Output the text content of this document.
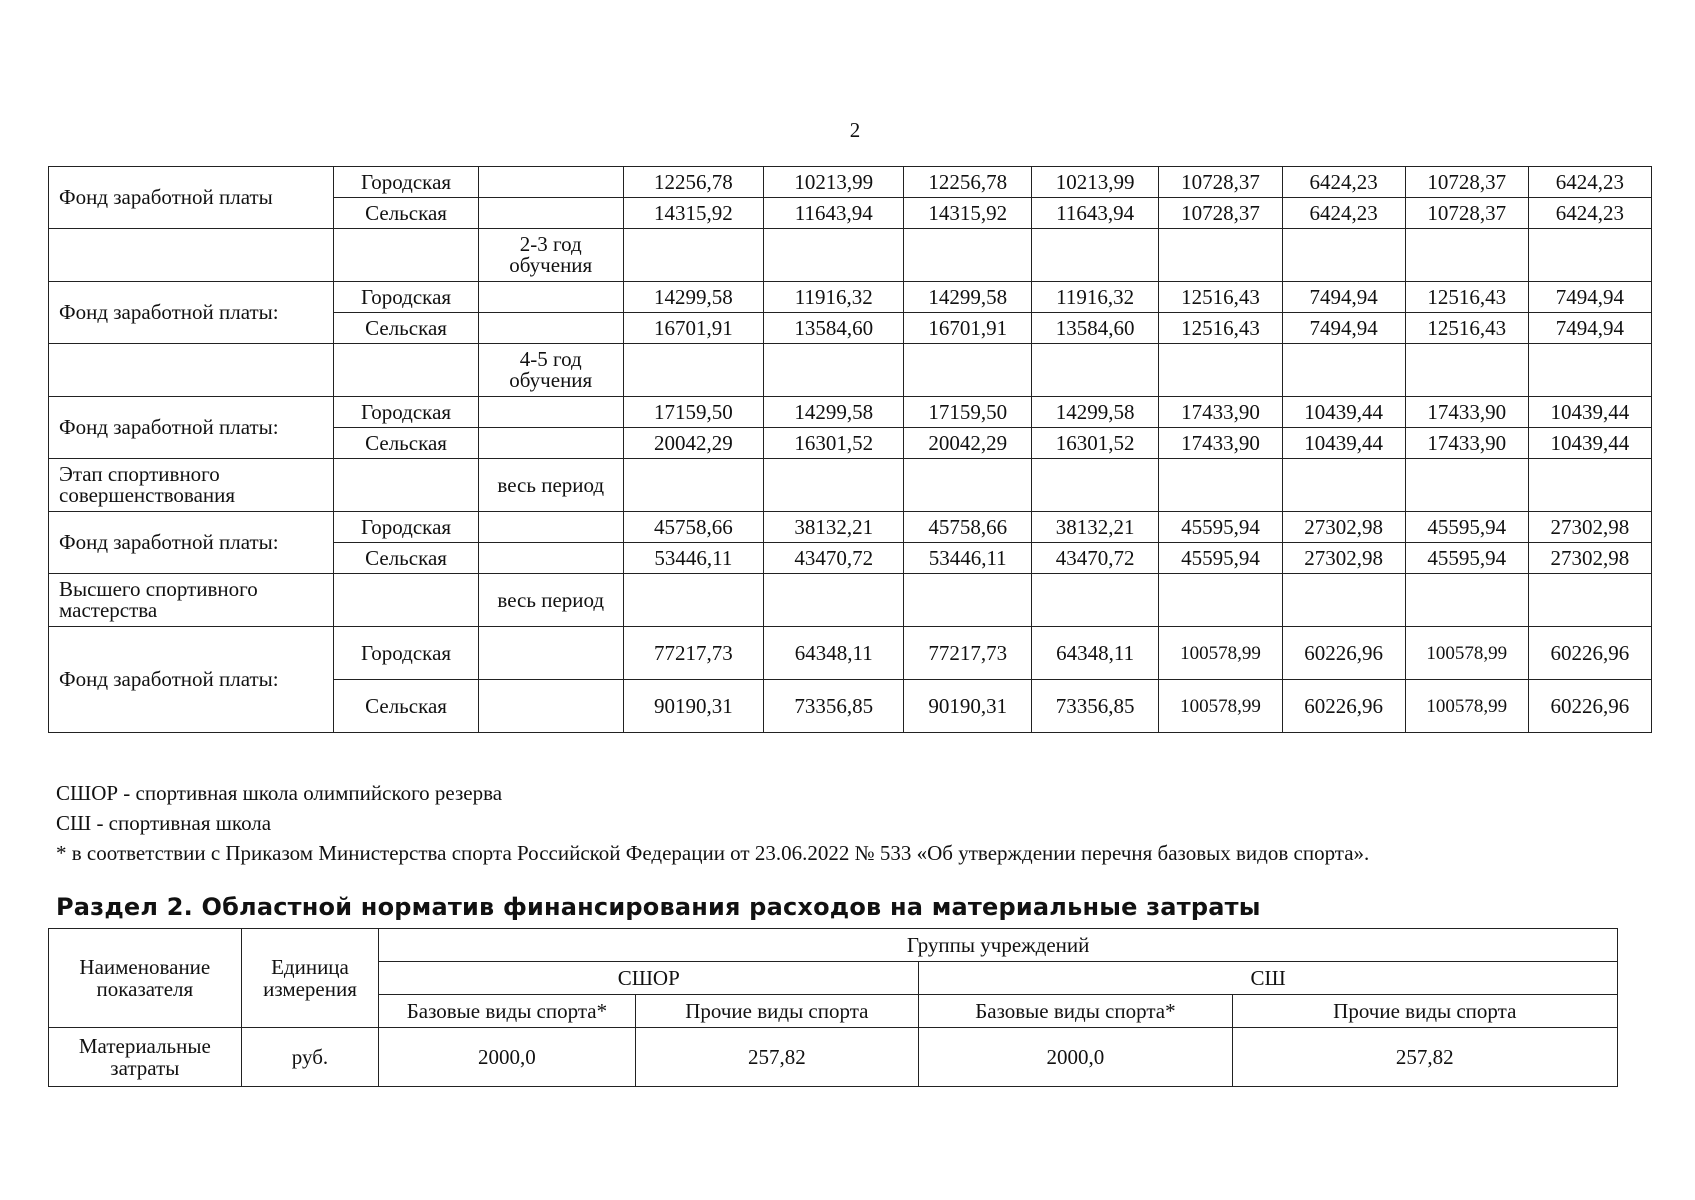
2
Фонд заработной платы	Городская		12256,78	10213,99	12256,78	10213,99	10728,37	6424,23	10728,37	6424,23
	Сельская		14315,92	11643,94	14315,92	11643,94	10728,37	6424,23	10728,37	6424,23
		2-3 год обучения								
Фонд заработной платы:	Городская		14299,58	11916,32	14299,58	11916,32	12516,43	7494,94	12516,43	7494,94
	Сельская		16701,91	13584,60	16701,91	13584,60	12516,43	7494,94	12516,43	7494,94
		4-5 год обучения								
Фонд заработной платы:	Городская		17159,50	14299,58	17159,50	14299,58	17433,90	10439,44	17433,90	10439,44
	Сельская		20042,29	16301,52	20042,29	16301,52	17433,90	10439,44	17433,90	10439,44
Этап спортивного совершенствования		весь период								
Фонд заработной платы:	Городская		45758,66	38132,21	45758,66	38132,21	45595,94	27302,98	45595,94	27302,98
	Сельская		53446,11	43470,72	53446,11	43470,72	45595,94	27302,98	45595,94	27302,98
Высшего спортивного мастерства		весь период								
Фонд заработной платы:	Городская		77217,73	64348,11	77217,73	64348,11	100578,99	60226,96	100578,99	60226,96
	Сельская		90190,31	73356,85	90190,31	73356,85	100578,99	60226,96	100578,99	60226,96
СШОР - спортивная школа олимпийского резерва
СШ - спортивная школа
* в соответствии с Приказом Министерства спорта Российской Федерации от 23.06.2022 № 533 «Об утверждении перечня базовых видов спорта».
Раздел 2. Областной норматив финансирования расходов на материальные затраты
Наименование показателя	Единица измерения	Группы учреждений			
		СШОР		СШ	
		Базовые виды спорта*	Прочие виды спорта	Базовые виды спорта*	Прочие виды спорта
Материальные затраты	руб.	2000,0	257,82	2000,0	257,82
